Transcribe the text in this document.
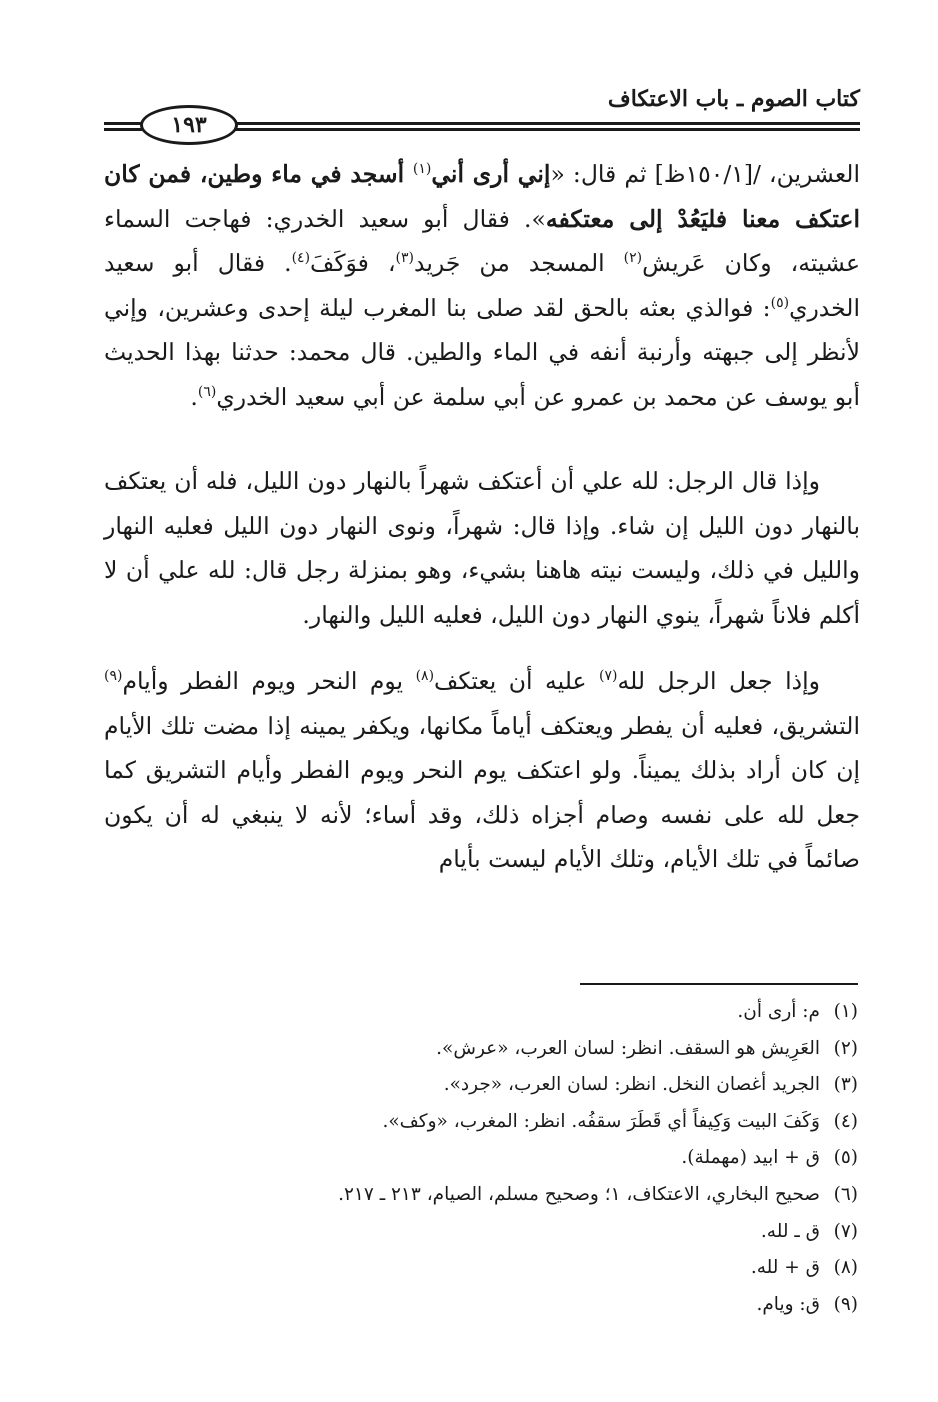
كتاب الصوم ـ باب الاعتكاف
١٩٣

العشرين، /[١٥٠/١ظ] ثم قال: «إني أرى أني$^{(١)}$ أسجد في ماء وطين، فمن كان اعتكف معنا فليَعُدْ إلى معتكفه». فقال أبو سعيد الخدري: فهاجت السماء عشيته، وكان عَريش$^{(٢)}$ المسجد من جَريد$^{(٣)}$، فوَكَفَ$^{(٤)}$. فقال أبو سعيد الخدري$^{(٥)}$: فوالذي بعثه بالحق لقد صلى بنا المغرب ليلة إحدى وعشرين، وإني لأنظر إلى جبهته وأرنبة أنفه في الماء والطين. قال محمد: حدثنا بهذا الحديث أبو يوسف عن محمد بن عمرو عن أبي سلمة عن أبي سعيد الخدري$^{(٦)}$.

وإذا قال الرجل: لله علي أن أعتكف شهراً بالنهار دون الليل، فله أن يعتكف بالنهار دون الليل إن شاء. وإذا قال: شهراً، ونوى النهار دون الليل فعليه النهار والليل في ذلك، وليست نيته هاهنا بشيء، وهو بمنزلة رجل قال: لله علي أن لا أكلم فلاناً شهراً، ينوي النهار دون الليل، فعليه الليل والنهار.

وإذا جعل الرجل لله$^{(٧)}$ عليه أن يعتكف$^{(٨)}$ يوم النحر ويوم الفطر وأيام$^{(٩)}$ التشريق، فعليه أن يفطر ويعتكف أياماً مكانها، ويكفر يمينه إذا مضت تلك الأيام إن كان أراد بذلك يميناً. ولو اعتكف يوم النحر ويوم الفطر وأيام التشريق كما جعل لله على نفسه وصام أجزاه ذلك، وقد أساء؛ لأنه لا ينبغي له أن يكون صائماً في تلك الأيام، وتلك الأيام ليست بأيام

(١)م: أرى أن.
(٢)العَرِيش هو السقف. انظر: لسان العرب، «عرش».
(٣)الجريد أغصان النخل. انظر: لسان العرب، «جرد».
(٤)وَكَفَ البيت وَكِيفاً أي قَطَرَ سقفُه. انظر: المغرب، «وكف».
(٥)ق + ابيد (مهملة).
(٦)صحيح البخاري، الاعتكاف، ١؛ وصحيح مسلم، الصيام، ٢١٣ ـ ٢١٧.
(٧)ق ـ لله.
(٨)ق + لله.
(٩)ق: ويام.
